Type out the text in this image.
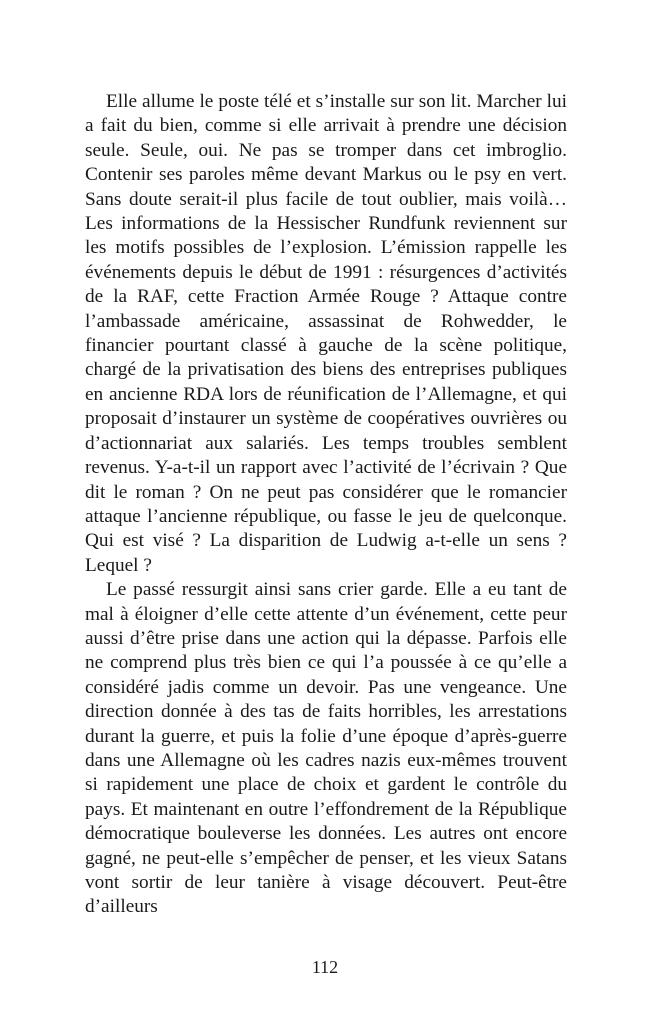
Elle allume le poste télé et s’installe sur son lit. Marcher lui a fait du bien, comme si elle arrivait à prendre une décision seule. Seule, oui. Ne pas se tromper dans cet imbroglio. Contenir ses paroles même devant Markus ou le psy en vert. Sans doute serait-il plus facile de tout oublier, mais voilà… Les informations de la Hessischer Rundfunk reviennent sur les motifs possibles de l’explosion. L’émission rappelle les événements depuis le début de 1991 : résurgences d’activités de la RAF, cette Fraction Armée Rouge ? Attaque contre l’ambassade américaine, assassinat de Rohwedder, le financier pourtant classé à gauche de la scène politique, chargé de la privatisation des biens des entreprises publiques en ancienne RDA lors de réunification de l’Allemagne, et qui proposait d’instaurer un système de coopératives ouvrières ou d’actionnariat aux salariés. Les temps troubles semblent revenus. Y-a-t-il un rapport avec l’activité de l’écrivain ? Que dit le roman ? On ne peut pas considérer que le romancier attaque l’ancienne république, ou fasse le jeu de quelconque. Qui est visé ? La disparition de Ludwig a-t-elle un sens ? Lequel ?

Le passé ressurgit ainsi sans crier garde. Elle a eu tant de mal à éloigner d’elle cette attente d’un événement, cette peur aussi d’être prise dans une action qui la dépasse. Parfois elle ne comprend plus très bien ce qui l’a poussée à ce qu’elle a considéré jadis comme un devoir. Pas une vengeance. Une direction donnée à des tas de faits horribles, les arrestations durant la guerre, et puis la folie d’une époque d’après-guerre dans une Allemagne où les cadres nazis eux-mêmes trouvent si rapidement une place de choix et gardent le contrôle du pays. Et maintenant en outre l’effondrement de la République démocratique bouleverse les données. Les autres ont encore gagné, ne peut-elle s’empêcher de penser, et les vieux Satans vont sortir de leur tanière à visage découvert. Peut-être d’ailleurs

112
